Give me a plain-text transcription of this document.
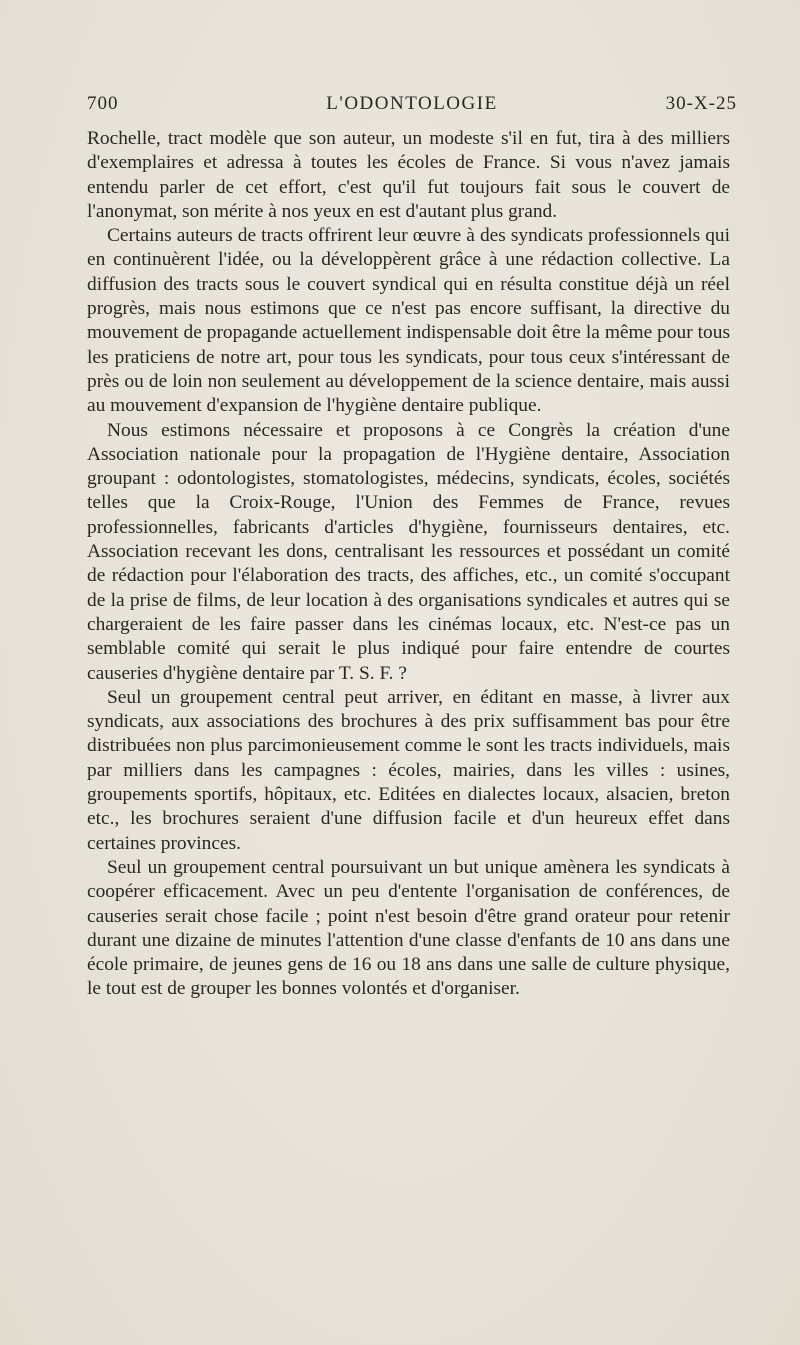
700	L'ODONTOLOGIE	30-X-25

Rochelle, tract modèle que son auteur, un modeste s'il en fut, tira à des milliers d'exemplaires et adressa à toutes les écoles de France. Si vous n'avez jamais entendu parler de cet effort, c'est qu'il fut toujours fait sous le couvert de l'anonymat, son mérite à nos yeux en est d'autant plus grand.

Certains auteurs de tracts offrirent leur œuvre à des syndicats professionnels qui en continuèrent l'idée, ou la développèrent grâce à une rédaction collective. La diffusion des tracts sous le couvert syndical qui en résulta constitue déjà un réel progrès, mais nous estimons que ce n'est pas encore suffisant, la directive du mouvement de propagande actuellement indispensable doit être la même pour tous les praticiens de notre art, pour tous les syndicats, pour tous ceux s'intéressant de près ou de loin non seulement au développement de la science dentaire, mais aussi au mouvement d'expansion de l'hygiène dentaire publique.

Nous estimons nécessaire et proposons à ce Congrès la création d'une Association nationale pour la propagation de l'Hygiène dentaire, Association groupant : odontologistes, stomatologistes, médecins, syndicats, écoles, sociétés telles que la Croix-Rouge, l'Union des Femmes de France, revues professionnelles, fabricants d'articles d'hygiène, fournisseurs dentaires, etc. Association recevant les dons, centralisant les ressources et possédant un comité de rédaction pour l'élaboration des tracts, des affiches, etc., un comité s'occupant de la prise de films, de leur location à des organisations syndicales et autres qui se chargeraient de les faire passer dans les cinémas locaux, etc. N'est-ce pas un semblable comité qui serait le plus indiqué pour faire entendre de courtes causeries d'hygiène dentaire par T. S. F. ?

Seul un groupement central peut arriver, en éditant en masse, à livrer aux syndicats, aux associations des brochures à des prix suffisamment bas pour être distribuées non plus parcimonieusement comme le sont les tracts individuels, mais par milliers dans les campagnes : écoles, mairies, dans les villes : usines, groupements sportifs, hôpitaux, etc. Editées en dialectes locaux, alsacien, breton etc., les brochures seraient d'une diffusion facile et d'un heureux effet dans certaines provinces.

Seul un groupement central poursuivant un but unique amènera les syndicats à coopérer efficacement. Avec un peu d'entente l'organisation de conférences, de causeries serait chose facile ; point n'est besoin d'être grand orateur pour retenir durant une dizaine de minutes l'attention d'une classe d'enfants de 10 ans dans une école primaire, de jeunes gens de 16 ou 18 ans dans une salle de culture physique, le tout est de grouper les bonnes volontés et d'organiser.
